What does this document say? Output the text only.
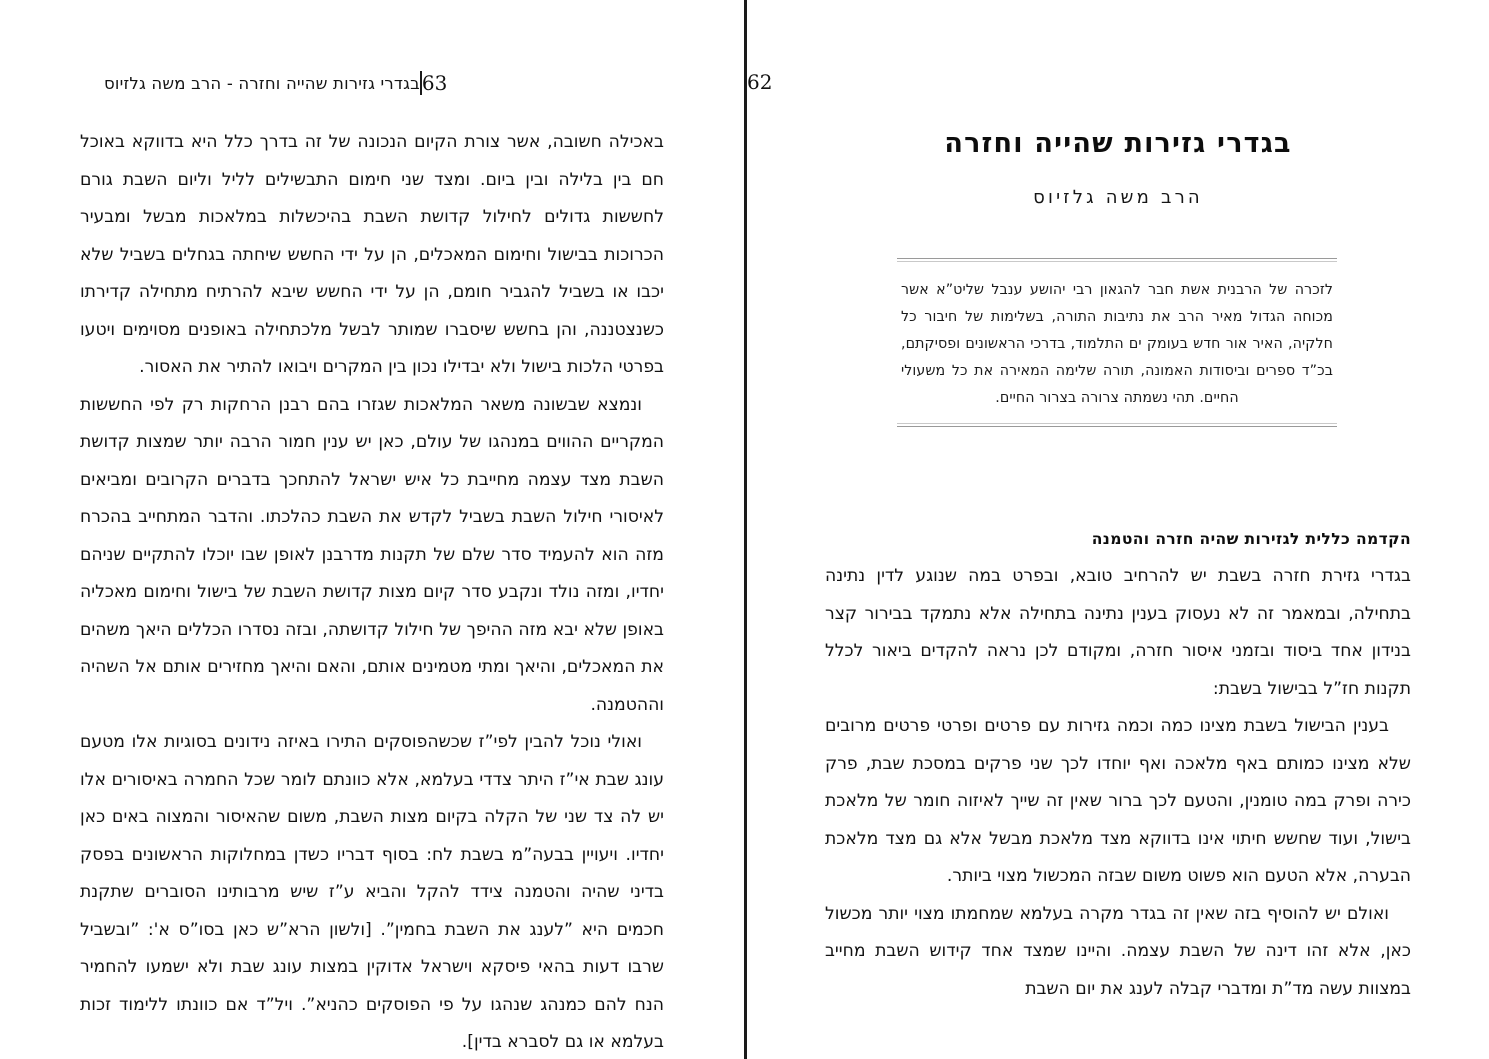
בגדרי גזירות שהייה וחזרה - הרב משה גלזיוס 63

באכילה חשובה, אשר צורת הקיום הנכונה של זה בדרך כלל היא בדווקא באוכל חם בין בלילה ובין ביום. ומצד שני חימום התבשילים לליל וליום השבת גורם לחששות גדולים לחילול קדושת השבת בהיכשלות במלאכות מבשל ומבעיר הכרוכות בבישול וחימום המאכלים, הן על ידי החשש שיחתה בגחלים בשביל שלא יכבו או בשביל להגביר חומם, הן על ידי החשש שיבא להרתיח מתחילה קדירתו כשנצטננה, והן בחשש שיסברו שמותר לבשל מלכתחילה באופנים מסוימים ויטעו בפרטי הלכות בישול ולא יבדילו נכון בין המקרים ויבואו להתיר את האסור.

ונמצא שבשונה משאר המלאכות שגזרו בהם רבנן הרחקות רק לפי החששות המקריים ההווים במנהגו של עולם, כאן יש ענין חמור הרבה יותר שמצות קדושת השבת מצד עצמה מחייבת כל איש ישראל להתחכך בדברים הקרובים ומביאים לאיסורי חילול השבת בשביל לקדש את השבת כהלכתו. והדבר המתחייב בהכרח מזה הוא להעמיד סדר שלם של תקנות מדרבנן לאופן שבו יוכלו להתקיים שניהם יחדיו, ומזה נולד ונקבע סדר קיום מצות קדושת השבת של בישול וחימום מאכליה באופן שלא יבא מזה ההיפך של חילול קדושתה, ובזה נסדרו הכללים היאך משהים את המאכלים, והיאך ומתי מטמינים אותם, והאם והיאך מחזירים אותם אל השהיה וההטמנה.

ואולי נוכל להבין לפי”ז שכשהפוסקים התירו באיזה נידונים בסוגיות אלו מטעם עונג שבת אי”ז היתר צדדי בעלמא, אלא כוונתם לומר שכל החמרה באיסורים אלו יש לה צד שני של הקלה בקיום מצות השבת, משום שהאיסור והמצוה באים כאן יחדיו. ויעויין בבעה”מ בשבת לח: בסוף דבריו כשדן במחלוקות הראשונים בפסק בדיני שהיה והטמנה צידד להקל והביא ע”ז שיש מרבותינו הסוברים שתקנת חכמים היא ”לענג את השבת בחמין”. [ולשון הרא”ש כאן בסו”ס א': ”ובשביל שרבו דעות בהאי פיסקא וישראל אדוקין במצות עונג שבת ולא ישמעו להחמיר הנח להם כמנהג שנהגו על פי הפוסקים כהניא”. ויל”ד אם כוונתו ללימוד זכות בעלמא או גם לסברא בדין].

62
בגדרי גזירות שהייה וחזרה
הרב משה גלזיוס

לזכרה של הרבנית אשת חבר להגאון רבי יהושע ענבל שליט”א אשר מכוחה הגדול מאיר הרב את נתיבות התורה, בשלימות של חיבור כל חלקיה, האיר אור חדש בעומק ים התלמוד, בדרכי הראשונים ופסיקתם, בכ”ד ספרים וביסודות האמונה, תורה שלימה המאירה את כל משעולי החיים. תהי נשמתה צרורה בצרור החיים.

הקדמה כללית לגזירות שהיה חזרה והטמנה

בגדרי גזירת חזרה בשבת יש להרחיב טובא, ובפרט במה שנוגע לדין נתינה בתחילה, ובמאמר זה לא נעסוק בענין נתינה בתחילה אלא נתמקד בבירור קצר בנידון אחד ביסוד ובזמני איסור חזרה, ומקודם לכן נראה להקדים ביאור לכלל תקנות חז”ל בבישול בשבת:

בענין הבישול בשבת מצינו כמה וכמה גזירות עם פרטים ופרטי פרטים מרובים שלא מצינו כמותם באף מלאכה ואף יוחדו לכך שני פרקים במסכת שבת, פרק כירה ופרק במה טומנין, והטעם לכך ברור שאין זה שייך לאיזוה חומר של מלאכת בישול, ועוד שחשש חיתוי אינו בדווקא מצד מלאכת מבשל אלא גם מצד מלאכת הבערה, אלא הטעם הוא פשוט משום שבזה המכשול מצוי ביותר.

ואולם יש להוסיף בזה שאין זה בגדר מקרה בעלמא שמחמתו מצוי יותר מכשול כאן, אלא זהו דינה של השבת עצמה. והיינו שמצד אחד קידוש השבת מחייב במצוות עשה מד”ת ומדברי קבלה לענג את יום השבת
